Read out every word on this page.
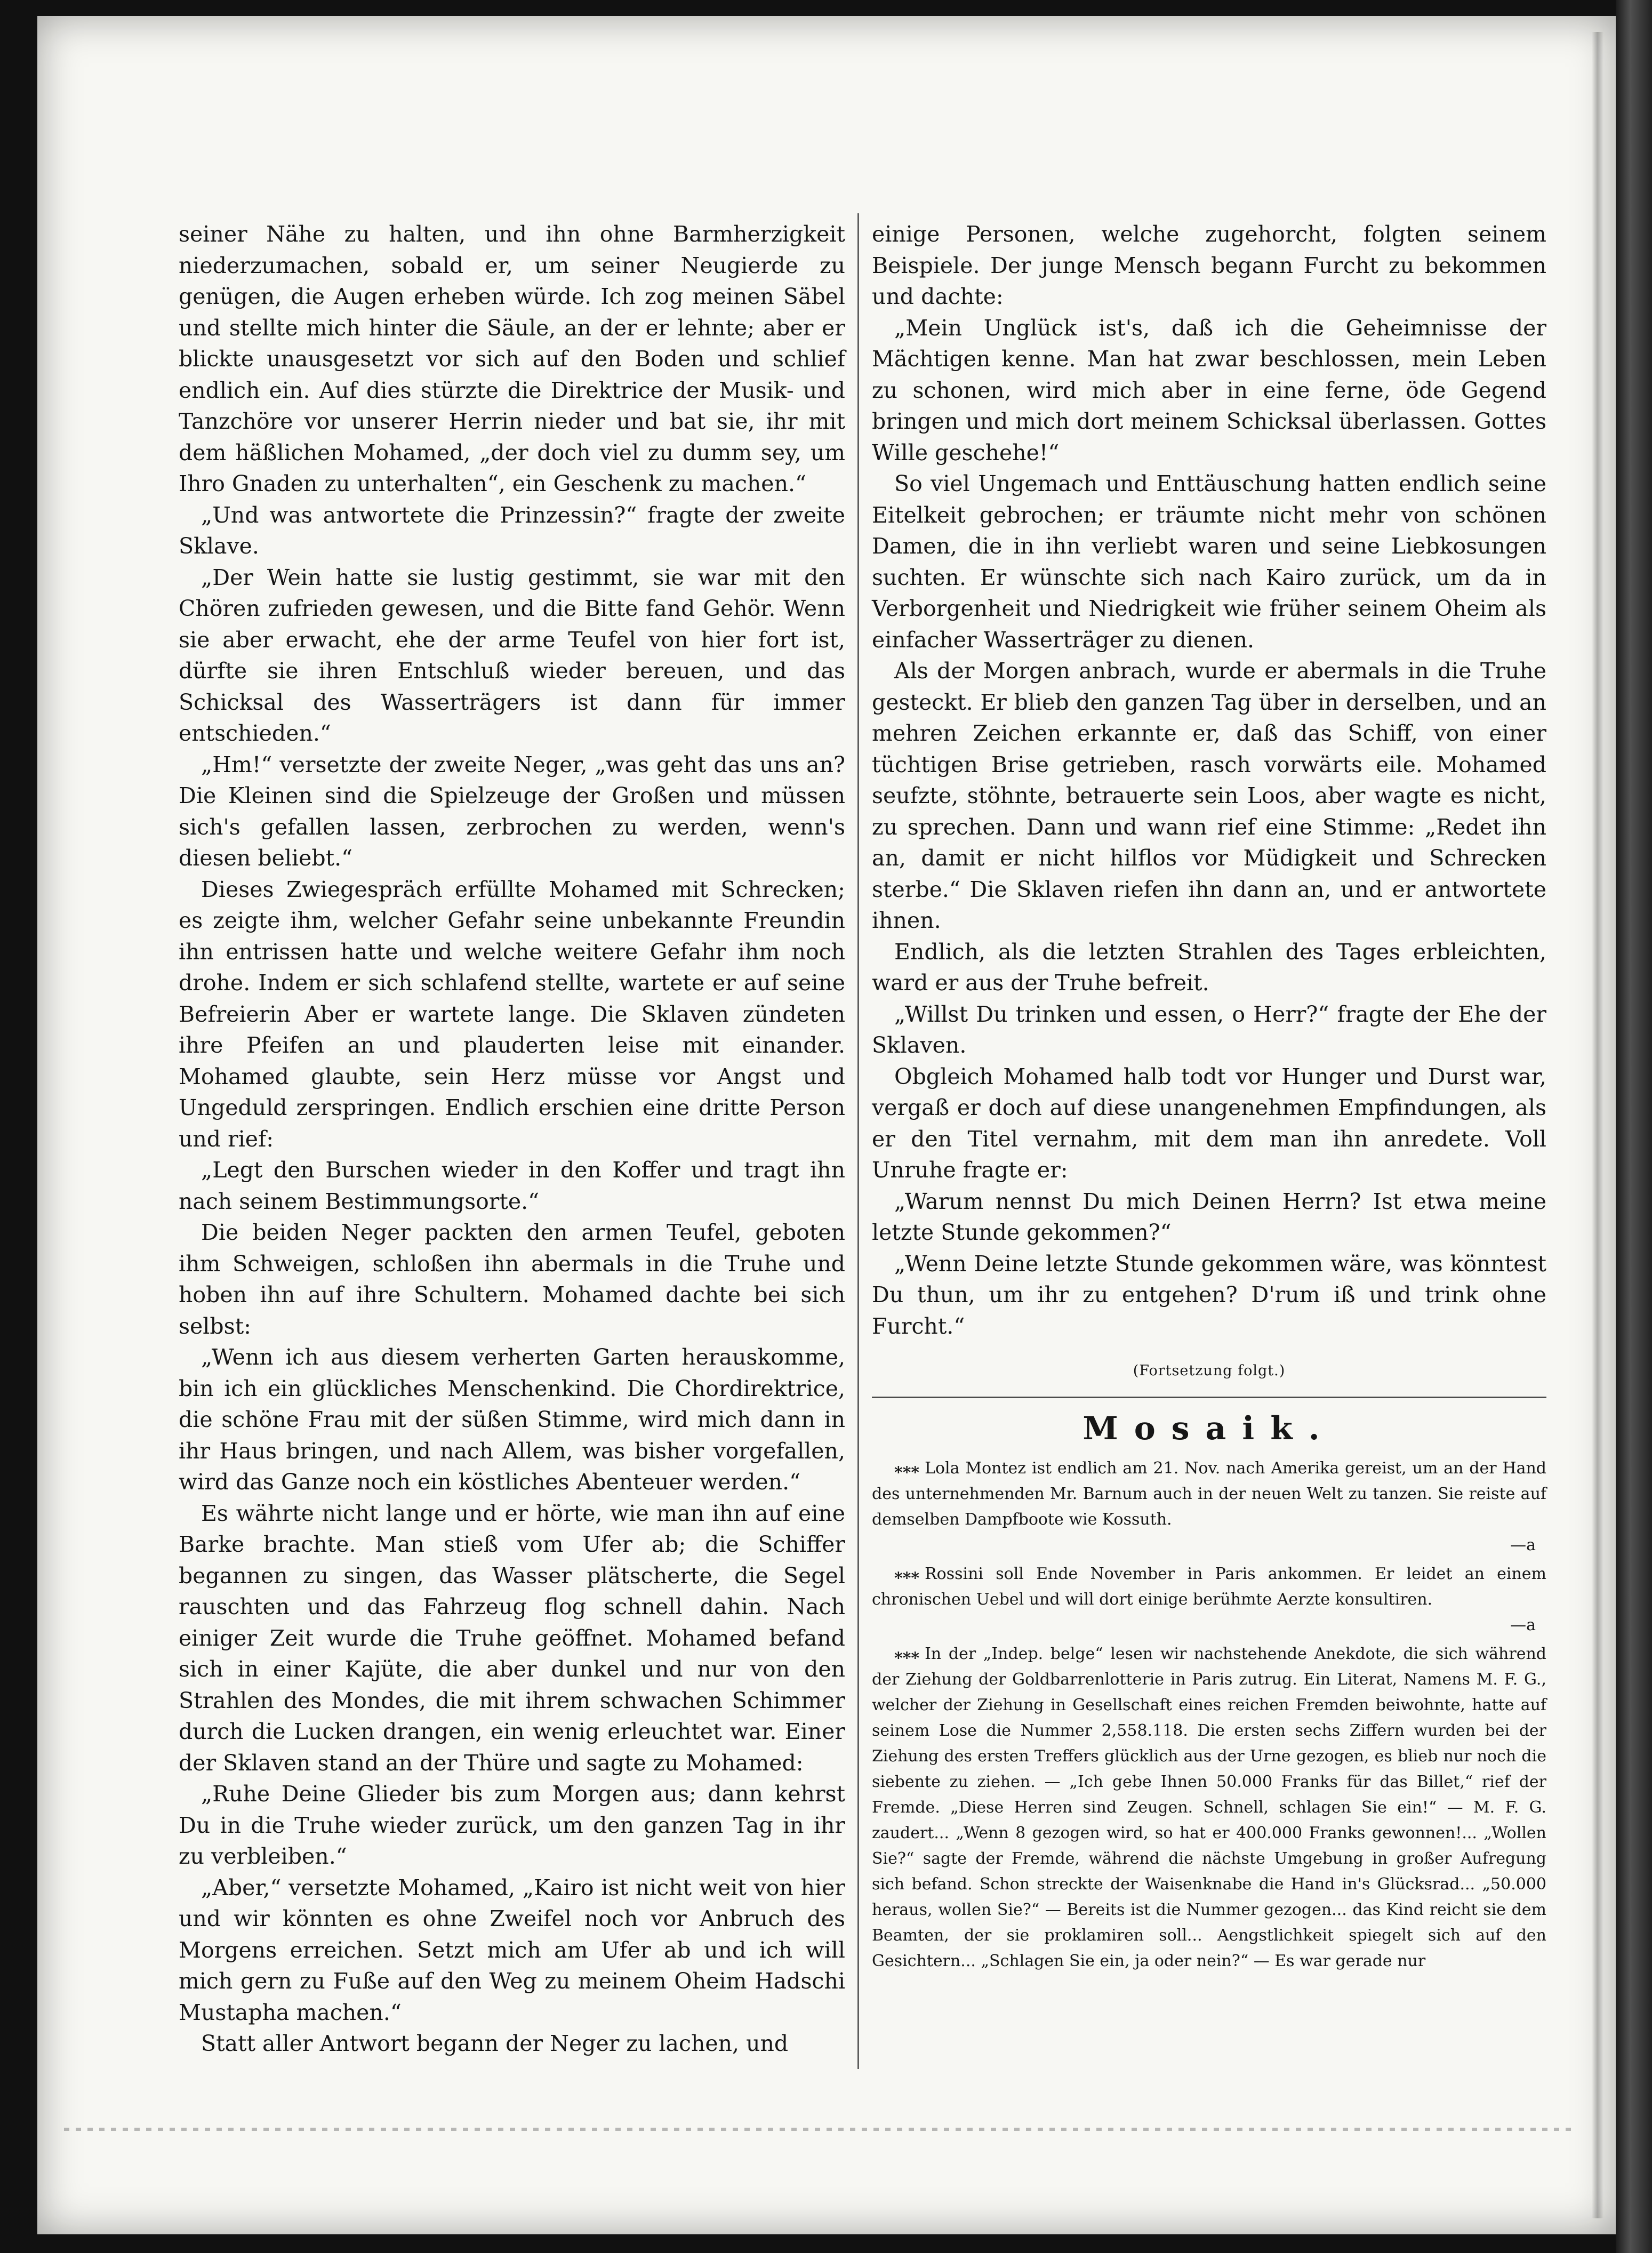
seiner Nähe zu halten, und ihn ohne Barmherzigkeit niederzumachen, sobald er, um seiner Neugierde zu genügen, die Augen erheben würde. Ich zog meinen Säbel und stellte mich hinter die Säule, an der er lehnte; aber er blickte unausgesetzt vor sich auf den Boden und schlief endlich ein. Auf dies stürzte die Direktrice der Musik- und Tanzchöre vor unserer Herrin nieder und bat sie, ihr mit dem häßlichen Mohamed, „der doch viel zu dumm sey, um Ihro Gnaden zu unterhalten“, ein Geschenk zu machen.“

„Und was antwortete die Prinzessin?“ fragte der zweite Sklave.

„Der Wein hatte sie lustig gestimmt, sie war mit den Chören zufrieden gewesen, und die Bitte fand Gehör. Wenn sie aber erwacht, ehe der arme Teufel von hier fort ist, dürfte sie ihren Entschluß wieder bereuen, und das Schicksal des Wasserträgers ist dann für immer entschieden.“

„Hm!“ versetzte der zweite Neger, „was geht das uns an? Die Kleinen sind die Spielzeuge der Großen und müssen sich's gefallen lassen, zerbrochen zu werden, wenn's diesen beliebt.“

Dieses Zwiegespräch erfüllte Mohamed mit Schrecken; es zeigte ihm, welcher Gefahr seine unbekannte Freundin ihn entrissen hatte und welche weitere Gefahr ihm noch drohe. Indem er sich schlafend stellte, wartete er auf seine Befreierin Aber er wartete lange. Die Sklaven zündeten ihre Pfeifen an und plauderten leise mit einander. Mohamed glaubte, sein Herz müsse vor Angst und Ungeduld zerspringen. Endlich erschien eine dritte Person und rief:

„Legt den Burschen wieder in den Koffer und tragt ihn nach seinem Bestimmungsorte.“

Die beiden Neger packten den armen Teufel, geboten ihm Schweigen, schloßen ihn abermals in die Truhe und hoben ihn auf ihre Schultern. Mohamed dachte bei sich selbst:

„Wenn ich aus diesem verherten Garten herauskomme, bin ich ein glückliches Menschenkind. Die Chordirektrice, die schöne Frau mit der süßen Stimme, wird mich dann in ihr Haus bringen, und nach Allem, was bisher vorgefallen, wird das Ganze noch ein köstliches Abenteuer werden.“

Es währte nicht lange und er hörte, wie man ihn auf eine Barke brachte. Man stieß vom Ufer ab; die Schiffer begannen zu singen, das Wasser plätscherte, die Segel rauschten und das Fahrzeug flog schnell dahin. Nach einiger Zeit wurde die Truhe geöffnet. Mohamed befand sich in einer Kajüte, die aber dunkel und nur von den Strahlen des Mondes, die mit ihrem schwachen Schimmer durch die Lucken drangen, ein wenig erleuchtet war. Einer der Sklaven stand an der Thüre und sagte zu Mohamed:

„Ruhe Deine Glieder bis zum Morgen aus; dann kehrst Du in die Truhe wieder zurück, um den ganzen Tag in ihr zu verbleiben.“

„Aber,“ versetzte Mohamed, „Kairo ist nicht weit von hier und wir könnten es ohne Zweifel noch vor Anbruch des Morgens erreichen. Setzt mich am Ufer ab und ich will mich gern zu Fuße auf den Weg zu meinem Oheim Hadschi Mustapha machen.“

Statt aller Antwort begann der Neger zu lachen, und

einige Personen, welche zugehorcht, folgten seinem Beispiele. Der junge Mensch begann Furcht zu bekommen und dachte:

„Mein Unglück ist's, daß ich die Geheimnisse der Mächtigen kenne. Man hat zwar beschlossen, mein Leben zu schonen, wird mich aber in eine ferne, öde Gegend bringen und mich dort meinem Schicksal überlassen. Gottes Wille geschehe!“

So viel Ungemach und Enttäuschung hatten endlich seine Eitelkeit gebrochen; er träumte nicht mehr von schönen Damen, die in ihn verliebt waren und seine Liebkosungen suchten. Er wünschte sich nach Kairo zurück, um da in Verborgenheit und Niedrigkeit wie früher seinem Oheim als einfacher Wasserträger zu dienen.

Als der Morgen anbrach, wurde er abermals in die Truhe gesteckt. Er blieb den ganzen Tag über in derselben, und an mehren Zeichen erkannte er, daß das Schiff, von einer tüchtigen Brise getrieben, rasch vorwärts eile. Mohamed seufzte, stöhnte, betrauerte sein Loos, aber wagte es nicht, zu sprechen. Dann und wann rief eine Stimme: „Redet ihn an, damit er nicht hilflos vor Müdigkeit und Schrecken sterbe.“ Die Sklaven riefen ihn dann an, und er antwortete ihnen.

Endlich, als die letzten Strahlen des Tages erbleichten, ward er aus der Truhe befreit.

„Willst Du trinken und essen, o Herr?“ fragte der Ehe der Sklaven.

Obgleich Mohamed halb todt vor Hunger und Durst war, vergaß er doch auf diese unangenehmen Empfindungen, als er den Titel vernahm, mit dem man ihn anredete. Voll Unruhe fragte er:

„Warum nennst Du mich Deinen Herrn? Ist etwa meine letzte Stunde gekommen?“

„Wenn Deine letzte Stunde gekommen wäre, was könntest Du thun, um ihr zu entgehen? D'rum iß und trink ohne Furcht.“

(Fortsetzung folgt.)
Mosaik.

⁎⁎⁎ Lola Montez ist endlich am 21. Nov. nach Amerika gereist, um an der Hand des unternehmenden Mr. Barnum auch in der neuen Welt zu tanzen. Sie reiste auf demselben Dampfboote wie Kossuth.
—a

⁎⁎⁎ Rossini soll Ende November in Paris ankommen. Er leidet an einem chronischen Uebel und will dort einige berühmte Aerzte konsultiren.
—a

⁎⁎⁎ In der „Indep. belge“ lesen wir nachstehende Anekdote, die sich während der Ziehung der Goldbarrenlotterie in Paris zutrug. Ein Literat, Namens M. F. G., welcher der Ziehung in Gesellschaft eines reichen Fremden beiwohnte, hatte auf seinem Lose die Nummer 2,558.118. Die ersten sechs Ziffern wurden bei der Ziehung des ersten Treffers glücklich aus der Urne gezogen, es blieb nur noch die siebente zu ziehen. — „Ich gebe Ihnen 50.000 Franks für das Billet,“ rief der Fremde. „Diese Herren sind Zeugen. Schnell, schlagen Sie ein!“ — M. F. G. zaudert... „Wenn 8 gezogen wird, so hat er 400.000 Franks gewonnen!... „Wollen Sie?“ sagte der Fremde, während die nächste Umgebung in großer Aufregung sich befand. Schon streckte der Waisenknabe die Hand in's Glücksrad... „50.000 heraus, wollen Sie?“ — Bereits ist die Nummer gezogen... das Kind reicht sie dem Beamten, der sie proklamiren soll... Aengstlichkeit spiegelt sich auf den Gesichtern... „Schlagen Sie ein, ja oder nein?“ — Es war gerade nur
